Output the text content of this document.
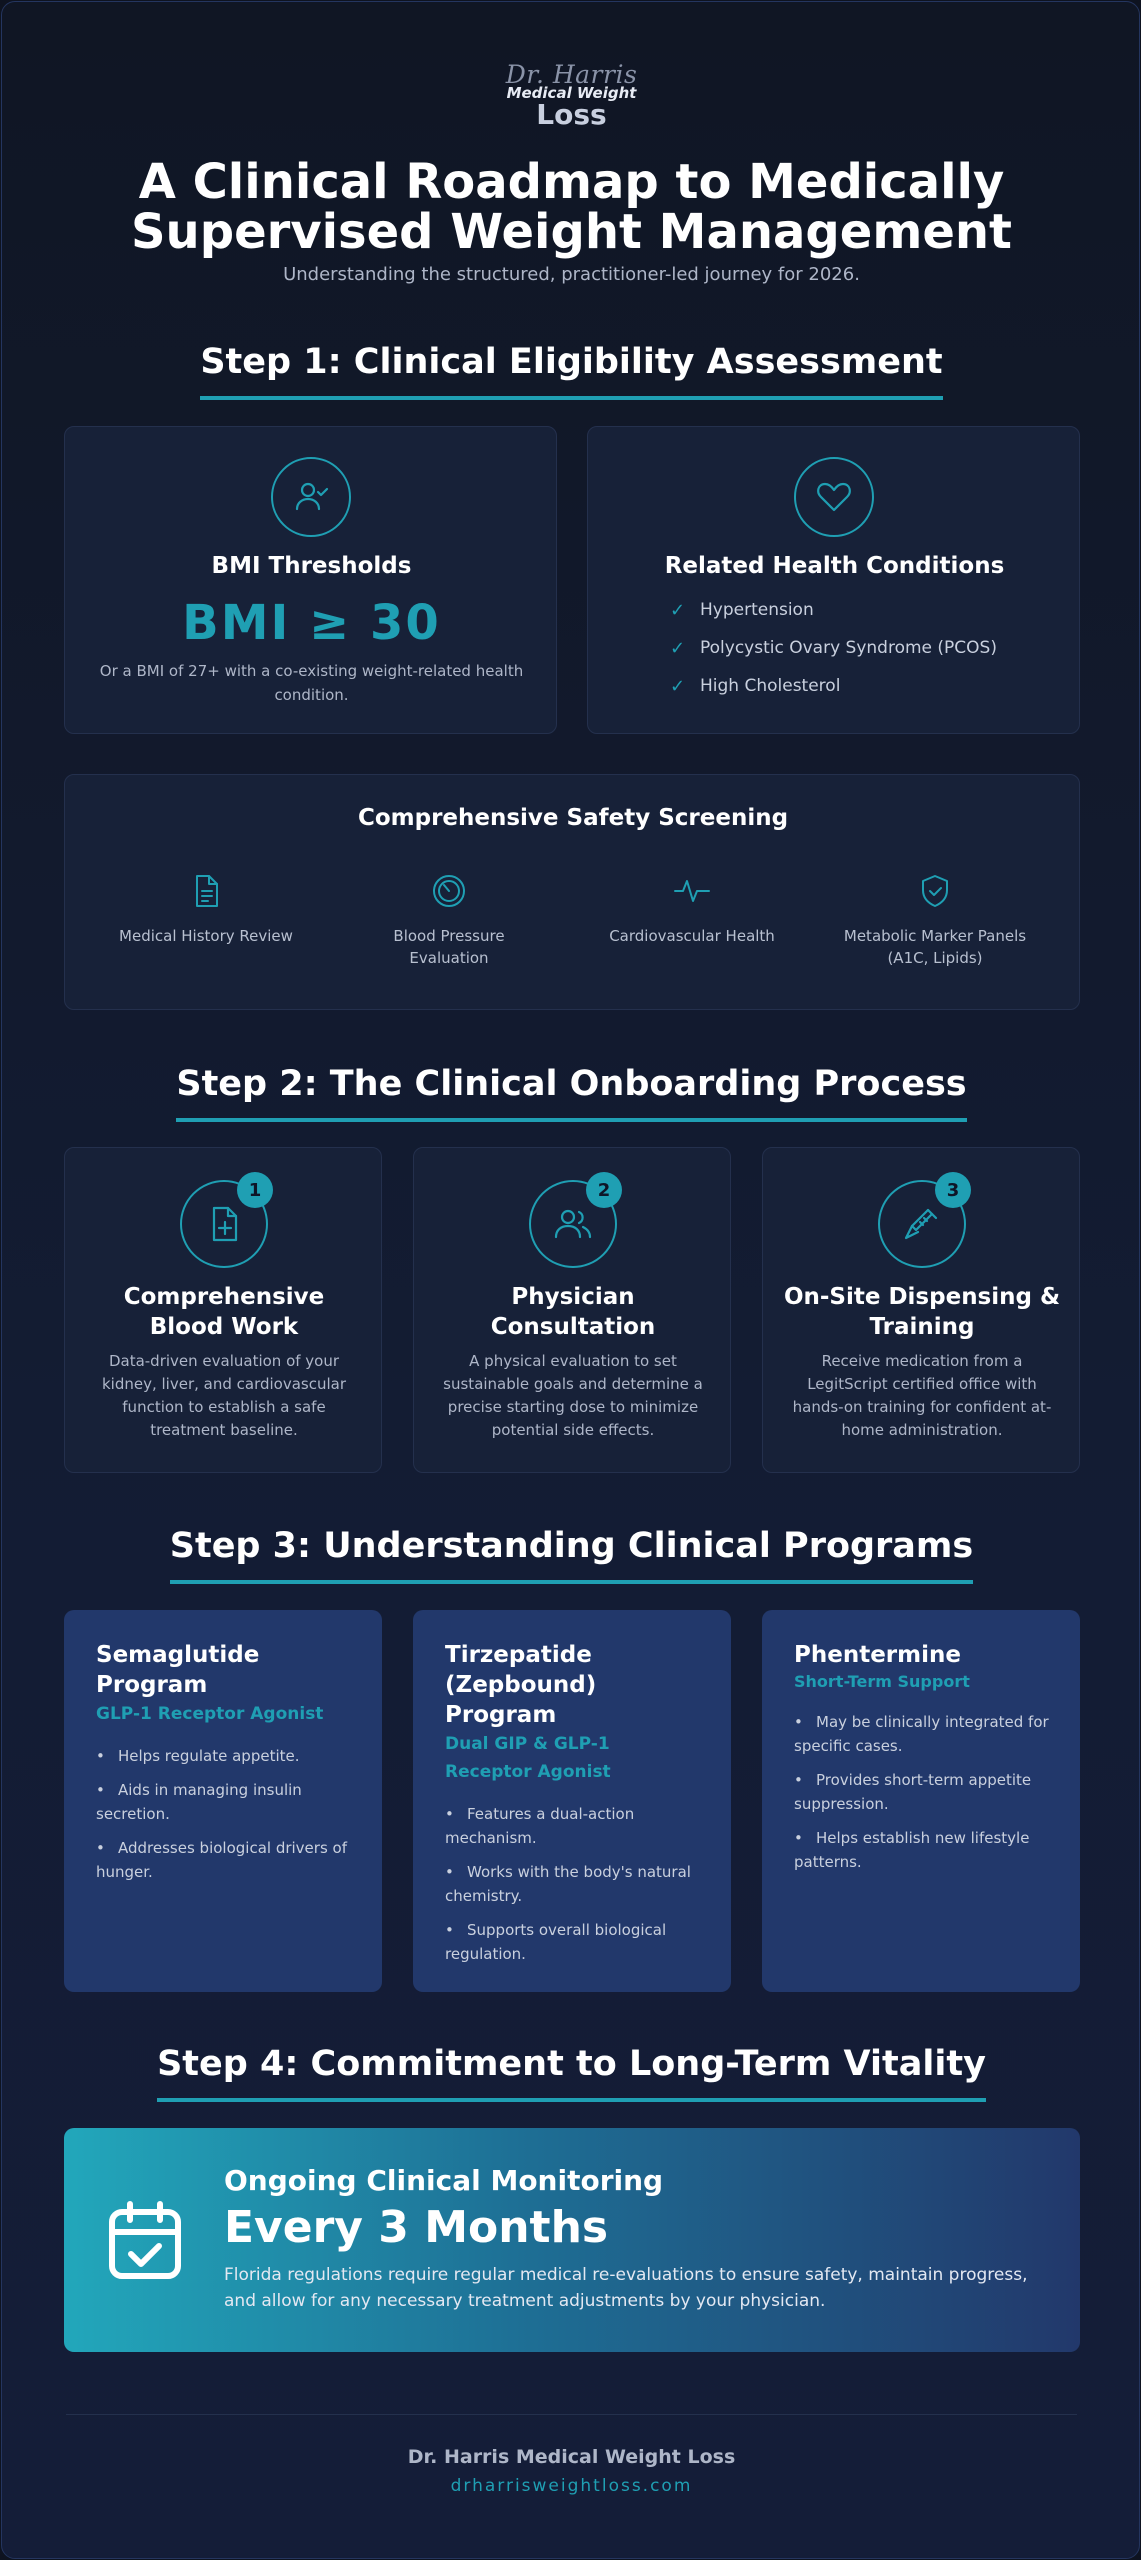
Dr. Harris
Medical Weight
Loss
A Clinical Roadmap to Medically
Supervised Weight Management
Understanding the structured, practitioner-led journey for 2026.
Step 1: Clinical Eligibility Assessment
BMI Thresholds
BMI ≥ 30
Or a BMI of 27+ with a co-existing weight-related health condition.
Related Health Conditions
✓ Hypertension
✓ Polycystic Ovary Syndrome (PCOS)
✓ High Cholesterol
Comprehensive Safety Screening
Medical History Review	Blood Pressure Evaluation
Cardiovascular Health	Metabolic Marker Panels (A1C, Lipids)
Step 2: The Clinical Onboarding Process
1
Comprehensive Blood Work
Data-driven evaluation of your kidney, liver, and cardiovascular function to establish a safe treatment baseline.
2
Physician Consultation
A physical evaluation to set sustainable goals and determine a precise starting dose to minimize potential side effects.
3
On-Site Dispensing & Training
Receive medication from a LegitScript certified office with hands-on training for confident at-home administration.
Step 3: Understanding Clinical Programs
Semaglutide Program
GLP-1 Receptor Agonist
• Helps regulate appetite.
• Aids in managing insulin secretion.
• Addresses biological drivers of hunger.
Tirzepatide (Zepbound) Program
Dual GIP & GLP-1 Receptor Agonist
• Features a dual-action mechanism.
• Works with the body's natural chemistry.
• Supports overall biological regulation.
Phentermine
Short-Term Support
• May be clinically integrated for specific cases.
• Provides short-term appetite suppression.
• Helps establish new lifestyle patterns.
Step 4: Commitment to Long-Term Vitality
Ongoing Clinical Monitoring
Every 3 Months
Florida regulations require regular medical re-evaluations to ensure safety, maintain progress, and allow for any necessary treatment adjustments by your physician.
Dr. Harris Medical Weight Loss
drharrisweightloss.com
